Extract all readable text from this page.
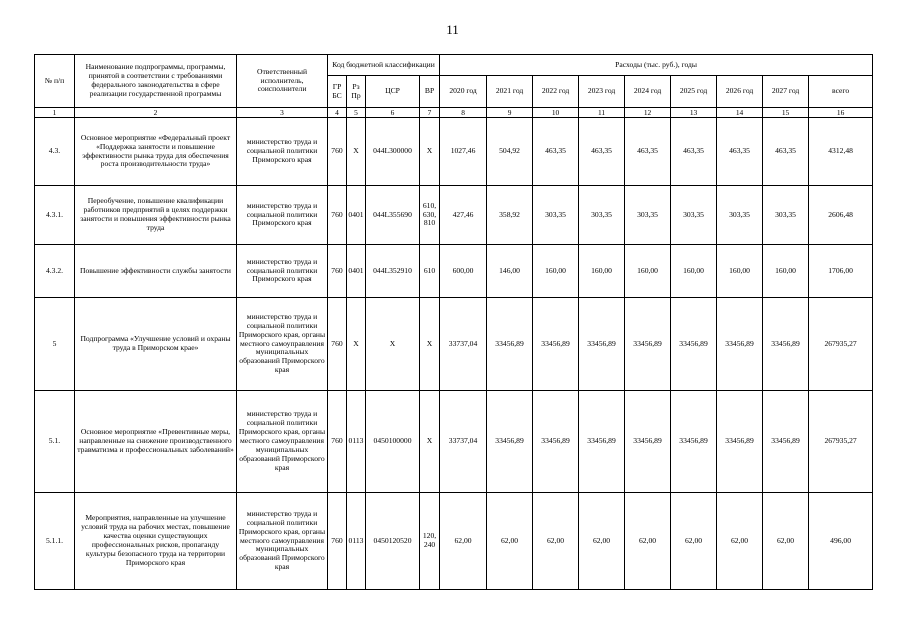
11
№ п/п	Наименование подпрограммы, программы, принятой в соответствии с требованиями федерального законодательства в сфере реализации государственной программы	Ответственный исполнитель, соисполнители	Код бюджетной классификации				Расходы (тыс. руб.), годы								
			ГР БС	Рз Пр	ЦСР	ВР	2020 год	2021 год	2022 год	2023 год	2024 год	2025 год	2026 год	2027 год	всего
1	2	3	4	5	6	7	8	9	10	11	12	13	14	15	16
4.3.	Основное мероприятие «Федеральный проект «Поддержка занятости и повышение эффективности рынка труда для обеспечения роста производительности труда»	министерство труда и социальной политики Приморского края	760	X	044L300000	X	1027,46	504,92	463,35	463,35	463,35	463,35	463,35	463,35	4312,48
4.3.1.	Переобучение, повышение квалификации работников предприятий в целях поддержки занятости и повышения эффективности рынка труда	министерство труда и социальной политики Приморского края	760	0401	044L355690	610, 630, 810	427,46	358,92	303,35	303,35	303,35	303,35	303,35	303,35	2606,48
4.3.2.	Повышение эффективности службы занятости	министерство труда и социальной политики Приморского края	760	0401	044L352910	610	600,00	146,00	160,00	160,00	160,00	160,00	160,00	160,00	1706,00
5	Подпрограмма «Улучшение условий и охраны труда в Приморском крае»	министерство труда и социальной политики Приморского края, органы местного самоуправления муниципальных образований Приморского края	760	X	X	X	33737,04	33456,89	33456,89	33456,89	33456,89	33456,89	33456,89	33456,89	267935,27
5.1.	Основное мероприятие «Превентивные меры, направленные на снижение производственного травматизма и профессиональных заболеваний»	министерство труда и социальной политики Приморского края, органы местного самоуправления муниципальных образований Приморского края	760	0113	0450100000	X	33737,04	33456,89	33456,89	33456,89	33456,89	33456,89	33456,89	33456,89	267935,27
5.1.1.	Мероприятия, направленные на улучшение условий труда на рабочих местах, повышение качества оценки существующих профессиональных рисков, пропаганду культуры безопасного труда на территории Приморского края	министерство труда и социальной политики Приморского края, органы местного самоуправления муниципальных образований Приморского края	760	0113	0450120520	120, 240	62,00	62,00	62,00	62,00	62,00	62,00	62,00	62,00	496,00
